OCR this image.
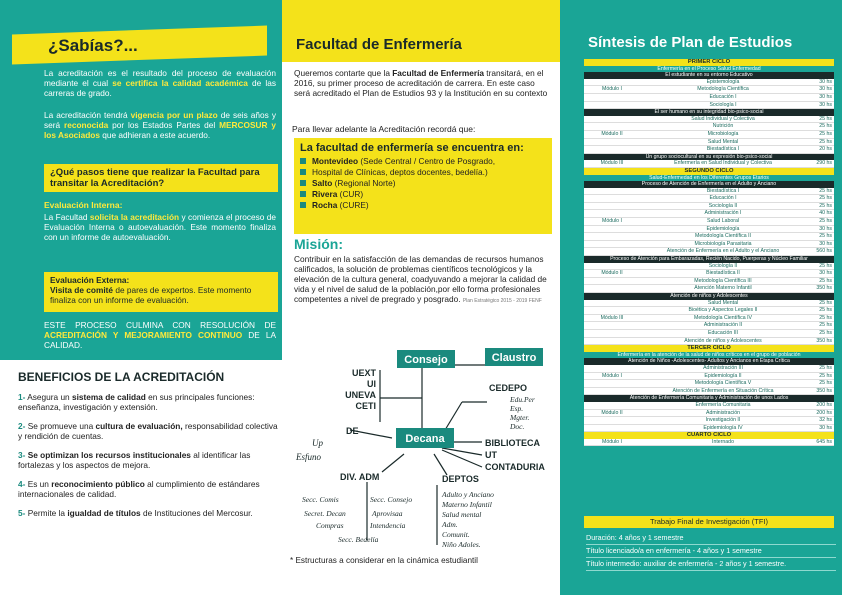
¿Sabías?...

La acreditación es el resultado del proceso de evaluación mediante el cual se certifica la calidad académica de las carreras de grado.

La acreditación tendrá vigencia por un plazo de seis años y será reconocida por los Estados Partes del MERCOSUR y los Asociados que adhieran a este acuerdo.

¿Qué pasos tiene que realizar la Facultad para transitar la Acreditación?
Evaluación Interna:

La Facultad solicita la acreditación y comienza el proceso de Evaluación Interna o autoevaluación. Este momento finaliza con un informe de autoevaluación.

Evaluación Externa:
Visita de comité de pares de expertos. Este momento finaliza con un informe de evaluación.

ESTE PROCESO CULMINA CON RESOLUCIÓN DE ACREDITACIÓN Y MEJORAMIENTO CONTINUO DE LA CALIDAD.

BENEFICIOS DE LA ACREDITACIÓN
1- Asegura un sistema de calidad en sus principales funciones: enseñanza, investigación y extensión.
2- Se promueve una cultura de evaluación, responsabilidad colectiva y rendición de cuentas.
3- Se optimizan los recursos institucionales al identificar las fortalezas y los aspectos de mejora.
4- Es un reconocimiento público al cumplimiento de estándares internacionales de calidad.
5- Permite la igualdad de títulos de Instituciones del Mercosur.
Facultad de Enfermería

Queremos contarte que la Facultad de Enfermería transitará, en el 2016, su primer proceso de acreditación de carrera. En este caso será acreditado el Plan de Estudios 93 y la Institución en su contexto

Para llevar adelante la Acreditación recordá que:
La facultad de enfermería se encuentra en:
Montevideo (Sede Central / Centro de Posgrado,
Hospital de Clínicas, deptos docentes, bedelía.)
Salto (Regional Norte)
Rivera (CUR)
Rocha (CURE)
Misión:

Contribuir en la satisfacción de las demandas de recursos humanos calificados, la solución de problemas científicos tecnológicos y la elevación de la cultura general, coadyuvando a mejorar la calidad de vida y el nivel de salud de la población,por ello forma profesionales competentes a nivel de pregrado y posgrado. Plan Estratégico 2015 - 2019 FENF

Consejo	Claustro
Decana
UEXT
UI
UNEVA
CETI
DE
Up
Esfuno
CEDEPO
Edu.Per
Esp.
Mgter.
Doc.
BIBLIOTECA
UT
CONTADURIA
DIV. ADM	DEPTOS
Secc. Comis	Secc. Consejo
Secret. Decan	Aprovisaa
Compras	Intendencia
Secc. Bedelía
Adulto y Anciano
Materno Infantil
Salud mental
Adm.
Comunit.
Niño Adoles.
* Estructuras a considerar en la cinámica estudiantil
Síntesis de Plan de Estudios
PRIMER CICLO
Enfermería en el Proceso Salud Enfermedad
El estudiante en su entorno Educativo
Epistemología	30 hs
Módulo I	Metodología Científica	30 hs
Educación I	30 hs
Sociología I	30 hs
El ser humano en su integridad bio-psico-social
Salud Individual y Colectiva	25 hs
Nutrición	25 hs
Módulo II	Microbiología	25 hs
Salud Mental	25 hs
Biestadística I	20 hs
Un grupo sociocultural en su expresión bio-psico-social
Módulo III	Enfermería en Salud Individual y Colectiva	290 hs
SEGUNDO CICLO
Salud-Enfermedad en los Diferentes Grupos Etarios
Proceso de Atención de Enfermería en el Adulto y Anciano
Biestadística I	25 hs
Educación I	25 hs
Sociología II	25 hs
Administración I	40 hs
Módulo I	Salud Laboral	25 hs
Epidemiología	30 hs
Metodología Científica II	25 hs
Microbiología Parasitaria	30 hs
Atención de Enfermería en el Adulto y el Anciano	560 hs
Proceso de Atención para Embarazadas, Recién Nacido, Puerperas y Núcleo Familiar
Sociología II	25 hs
Módulo II	Biestadística II	30 hs
Metodología Científica III	25 hs
Atención Materno Infantil	350 hs
Atención de niños y Adolescentes
Salud Mental	25 hs
Bioética y Aspectos Legales II	25 hs
Módulo III	Metodología Científica IV	25 hs
Administración II	25 hs
Educación III	25 hs
Atención de niños y Adolescentes	350 hs
TERCER CICLO
Enfermería en la atención de la salud de niños críticos en el grupo de población
Atención de Niños -Adolescentes- Adultos y Ancianos en Etapa Crítica
Administración III	25 hs
Módulo I	Epidemiología II	25 hs
Metodología Científica V	25 hs
Atención de Enfermería en Situación Crítica	350 hs
Atención de Enfermería Comunitaria y Administración de unos Lados
Enfermería Comunitaria	200 hs
Módulo II	Administración	200 hs
Investigación II	32 hs
Epidemiología IV	30 hs
CUARTO CICLO
Módulo I	Internado	645 hs
Trabajo Final de Investigación (TFI)
Duración: 4 años y 1 semestre
Título licenciado/a en enfermería - 4 años y 1 semestre
Título intermedio: auxiliar de enfermería - 2 años y 1 semestre.
